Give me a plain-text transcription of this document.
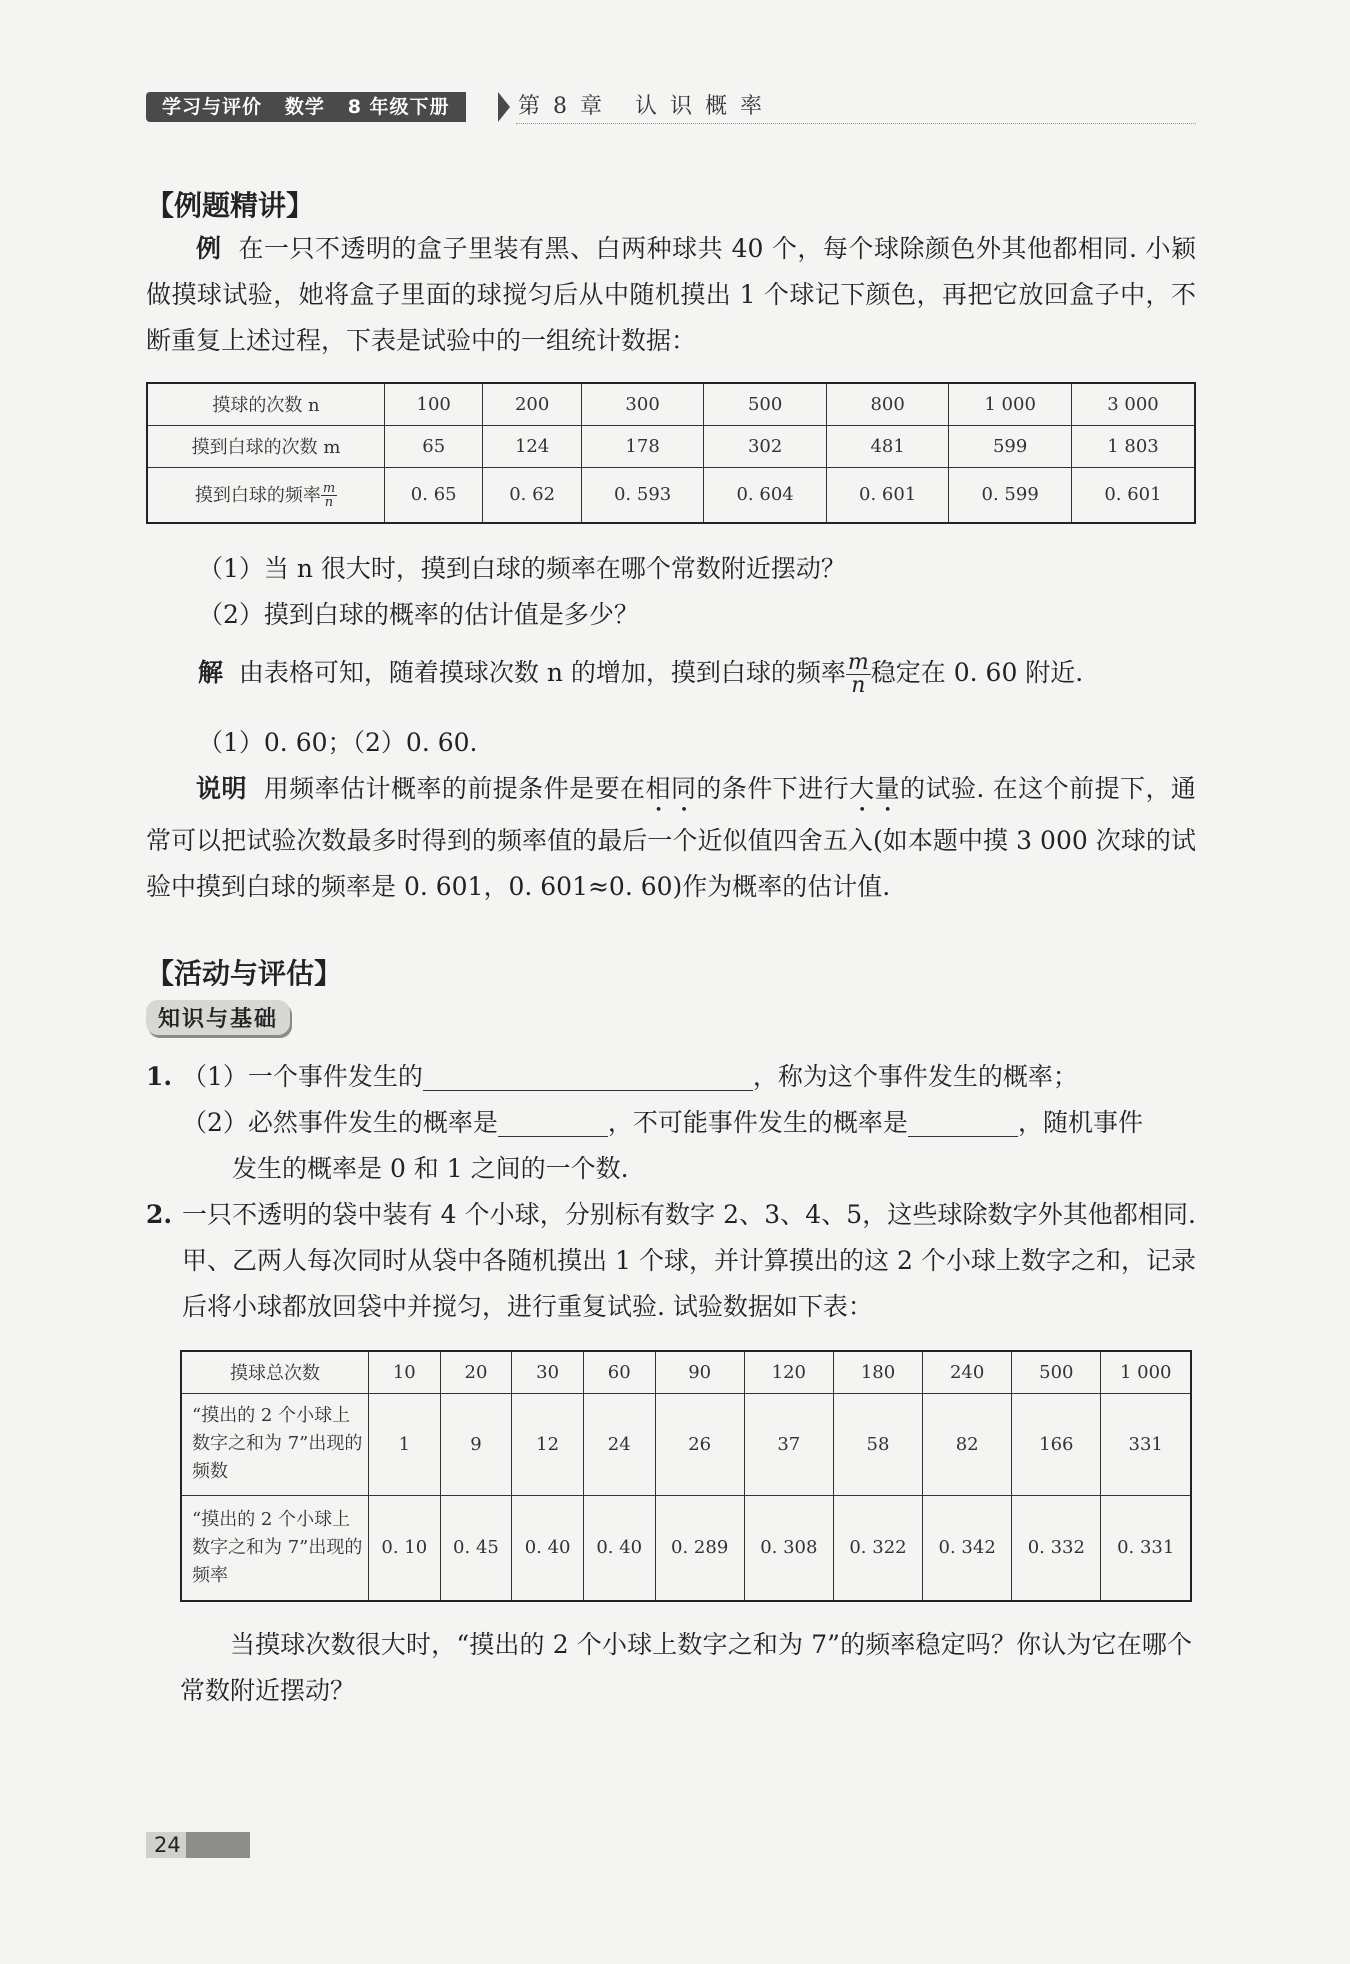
学习与评价   数学   8 年级下册	第 8 章   认 识 概 率
【例题精讲】
例 在一只不透明的盒子里装有黑、白两种球共 40 个，每个球除颜色外其他都相同. 小颖做摸球试验，她将盒子里面的球搅匀后从中随机摸出 1 个球记下颜色，再把它放回盒子中，不断重复上述过程，下表是试验中的一组统计数据：
摸球的次数 n	100	200	300	500	800	1 000	3 000
摸到白球的次数 m	65	124	178	302	481	599	1 803
摸到白球的频率 $\frac{m}{n}$	0. 65	0. 62	0. 593	0. 604	0. 601	0. 599	0. 601
（1）当 n 很大时，摸到白球的频率在哪个常数附近摆动？
（2）摸到白球的概率的估计值是多少？
解 由表格可知，随着摸球次数 n 的增加，摸到白球的频率 $\frac{m}{n}$ 稳定在 0. 60 附近.
（1）0. 60；（2）0. 60.
说明 用频率估计概率的前提条件是要在相同的条件下进行大量的试验. 在这个前提下，通常可以把试验次数最多时得到的频率值的最后一个近似值四舍五入(如本题中摸 3 000 次球的试验中摸到白球的频率是 0. 601，0. 601≈0. 60)作为概率的估计值.
【活动与评估】
知识与基础
1. （1）一个事件发生的	，称为这个事件发生的概率；
（2）必然事件发生的概率是	，不可能事件发生的概率是	，随机事件
发生的概率是 0 和 1 之间的一个数.
2. 一只不透明的袋中装有 4 个小球，分别标有数字 2、3、4、5，这些球除数字外其他都相同. 甲、乙两人每次同时从袋中各随机摸出 1 个球，并计算摸出的这 2 个小球上数字之和，记录后将小球都放回袋中并搅匀，进行重复试验. 试验数据如下表：
摸球总次数	10	20	30	60	90	120	180	240	500	1 000
“摸出的 2 个小球上数字之和为 7”出现的频数	1	9	12	24	26	37	58	82	166	331
“摸出的 2 个小球上数字之和为 7”出现的频率	0. 10	0. 45	0. 40	0. 40	0. 289	0. 308	0. 322	0. 342	0. 332	0. 331
当摸球次数很大时，“摸出的 2 个小球上数字之和为 7”的频率稳定吗？你认为它在哪个常数附近摆动？
24
